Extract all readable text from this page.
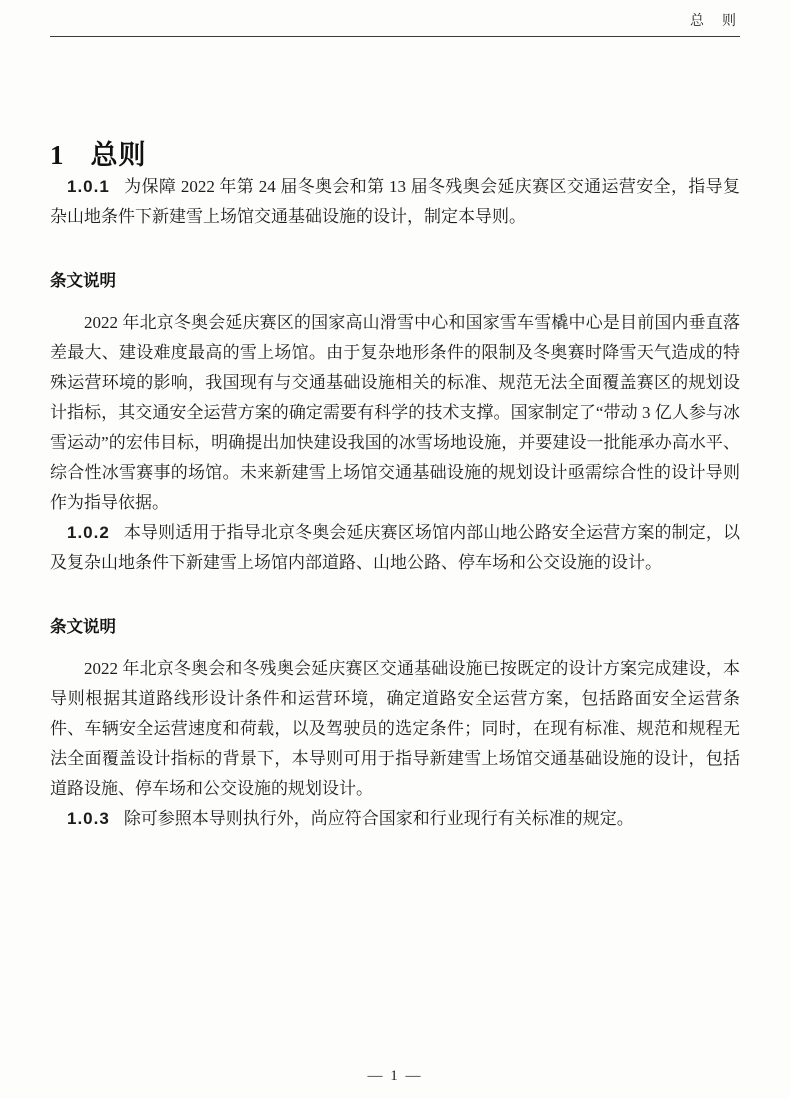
总　则
1 总则

1.0.1 为保障 2022 年第 24 届冬奥会和第 13 届冬残奥会延庆赛区交通运营安全，指导复杂山地条件下新建雪上场馆交通基础设施的设计，制定本导则。

条文说明

2022 年北京冬奥会延庆赛区的国家高山滑雪中心和国家雪车雪橇中心是目前国内垂直落差最大、建设难度最高的雪上场馆。由于复杂地形条件的限制及冬奥赛时降雪天气造成的特殊运营环境的影响，我国现有与交通基础设施相关的标准、规范无法全面覆盖赛区的规划设计指标，其交通安全运营方案的确定需要有科学的技术支撑。国家制定了“带动 3 亿人参与冰雪运动”的宏伟目标，明确提出加快建设我国的冰雪场地设施，并要建设一批能承办高水平、综合性冰雪赛事的场馆。未来新建雪上场馆交通基础设施的规划设计亟需综合性的设计导则作为指导依据。

1.0.2 本导则适用于指导北京冬奥会延庆赛区场馆内部山地公路安全运营方案的制定，以及复杂山地条件下新建雪上场馆内部道路、山地公路、停车场和公交设施的设计。

条文说明

2022 年北京冬奥会和冬残奥会延庆赛区交通基础设施已按既定的设计方案完成建设，本导则根据其道路线形设计条件和运营环境，确定道路安全运营方案，包括路面安全运营条件、车辆安全运营速度和荷载，以及驾驶员的选定条件；同时，在现有标准、规范和规程无法全面覆盖设计指标的背景下，本导则可用于指导新建雪上场馆交通基础设施的设计，包括道路设施、停车场和公交设施的规划设计。

1.0.3 除可参照本导则执行外，尚应符合国家和行业现行有关标准的规定。

— 1 —
